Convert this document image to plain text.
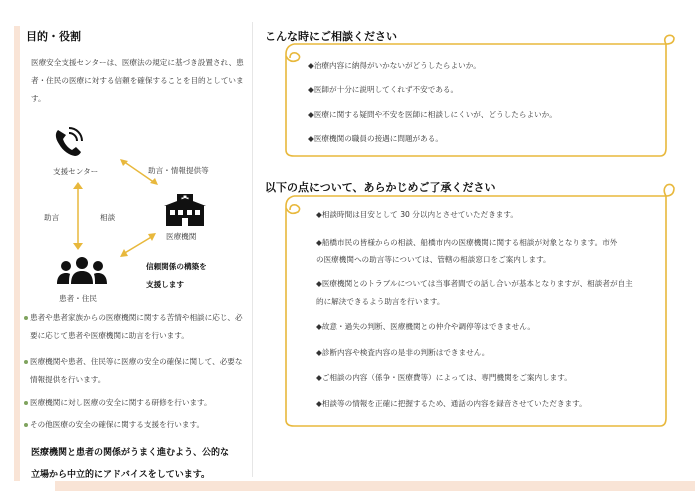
目的・役割
医療安全支援センターは、医療法の規定に基づき設置され、患者・住民の医療に対する信頼を確保することを目的としています。
支援センター	助言・情報提供等
医療機関
助言	相談
患者・住民
信頼関係の構築を
支援します
患者や患者家族からの医療機関に関する苦情や相談に応じ、必要に応じて患者や医療機関に助言を行います。
医療機関や患者、住民等に医療の安全の確保に関して、必要な情報提供を行います。
医療機関に対し医療の安全に関する研修を行います。
その他医療の安全の確保に関する支援を行います。
医療機関と患者の関係がうまく進むよう、公的な
立場から中立的にアドバイスをしています。
こんな時にご相談ください
◆治療内容に納得がいかないがどうしたらよいか。
◆医師が十分に説明してくれず不安である。
◆医療に関する疑問や不安を医師に相談しにくいが、どうしたらよいか。
◆医療機関の職員の接遇に問題がある。
以下の点について、あらかじめご了承ください
◆相談時間は目安として 30 分以内とさせていただきます。
◆船橋市民の皆様からの相談、船橋市内の医療機関に関する相談が対象となります。市外
の医療機関への助言等については、管轄の相談窓口をご案内します。
◆医療機関とのトラブルについては当事者間での話し合いが基本となりますが、相談者が自主
的に解決できるよう助言を行います。
◆故意・過失の判断、医療機関との仲介や調停等はできません。
◆診断内容や検査内容の是非の判断はできません。
◆ご相談の内容（係争・医療費等）によっては、専門機関をご案内します。
◆相談等の情報を正確に把握するため、通話の内容を録音させていただきます。
